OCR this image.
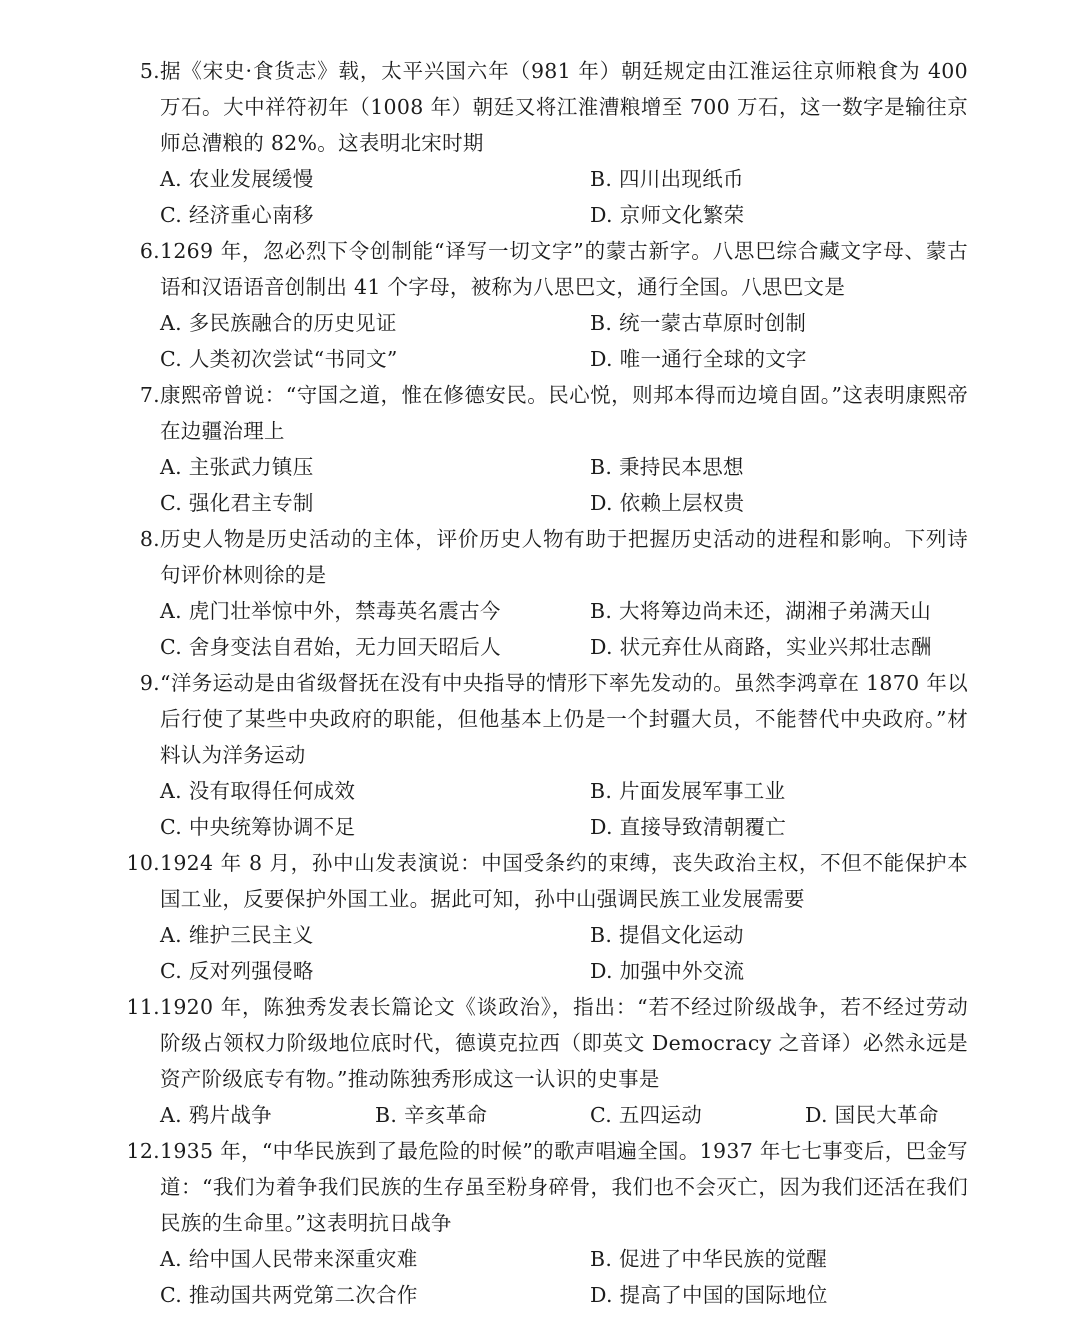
5. 据《宋史·食货志》载，太平兴国六年（981 年）朝廷规定由江淮运往京师粮食为 400 万石。大中祥符初年（1008 年）朝廷又将江淮漕粮增至 700 万石，这一数字是输往京师总漕粮的 82%。这表明北宋时期
A. 农业发展缓慢	B. 四川出现纸币
C. 经济重心南移	D. 京师文化繁荣
6. 1269 年，忽必烈下令创制能“译写一切文字”的蒙古新字。八思巴综合藏文字母、蒙古语和汉语语音创制出 41 个字母，被称为八思巴文，通行全国。八思巴文是
A. 多民族融合的历史见证	B. 统一蒙古草原时创制
C. 人类初次尝试“书同文”	D. 唯一通行全球的文字
7. 康熙帝曾说：“守国之道，惟在修德安民。民心悦，则邦本得而边境自固。”这表明康熙帝在边疆治理上
A. 主张武力镇压	B. 秉持民本思想
C. 强化君主专制	D. 依赖上层权贵
8. 历史人物是历史活动的主体，评价历史人物有助于把握历史活动的进程和影响。下列诗句评价林则徐的是
A. 虎门壮举惊中外，禁毒英名震古今	B. 大将筹边尚未还，湖湘子弟满天山
C. 舍身变法自君始，无力回天昭后人	D. 状元弃仕从商路，实业兴邦壮志酬
9. “洋务运动是由省级督抚在没有中央指导的情形下率先发动的。虽然李鸿章在 1870 年以后行使了某些中央政府的职能，但他基本上仍是一个封疆大员，不能替代中央政府。”材料认为洋务运动
A. 没有取得任何成效	B. 片面发展军事工业
C. 中央统筹协调不足	D. 直接导致清朝覆亡
10. 1924 年 8 月，孙中山发表演说：中国受条约的束缚，丧失政治主权，不但不能保护本国工业，反要保护外国工业。据此可知，孙中山强调民族工业发展需要
A. 维护三民主义	B. 提倡文化运动
C. 反对列强侵略	D. 加强中外交流
11. 1920 年，陈独秀发表长篇论文《谈政治》，指出：“若不经过阶级战争，若不经过劳动阶级占领权力阶级地位底时代，德谟克拉西（即英文 Democracy 之音译）必然永远是资产阶级底专有物。”推动陈独秀形成这一认识的史事是
A. 鸦片战争	B. 辛亥革命	C. 五四运动	D. 国民大革命
12. 1935 年，“中华民族到了最危险的时候”的歌声唱遍全国。1937 年七七事变后，巴金写道：“我们为着争我们民族的生存虽至粉身碎骨，我们也不会灭亡，因为我们还活在我们民族的生命里。”这表明抗日战争
A. 给中国人民带来深重灾难	B. 促进了中华民族的觉醒
C. 推动国共两党第二次合作	D. 提高了中国的国际地位
